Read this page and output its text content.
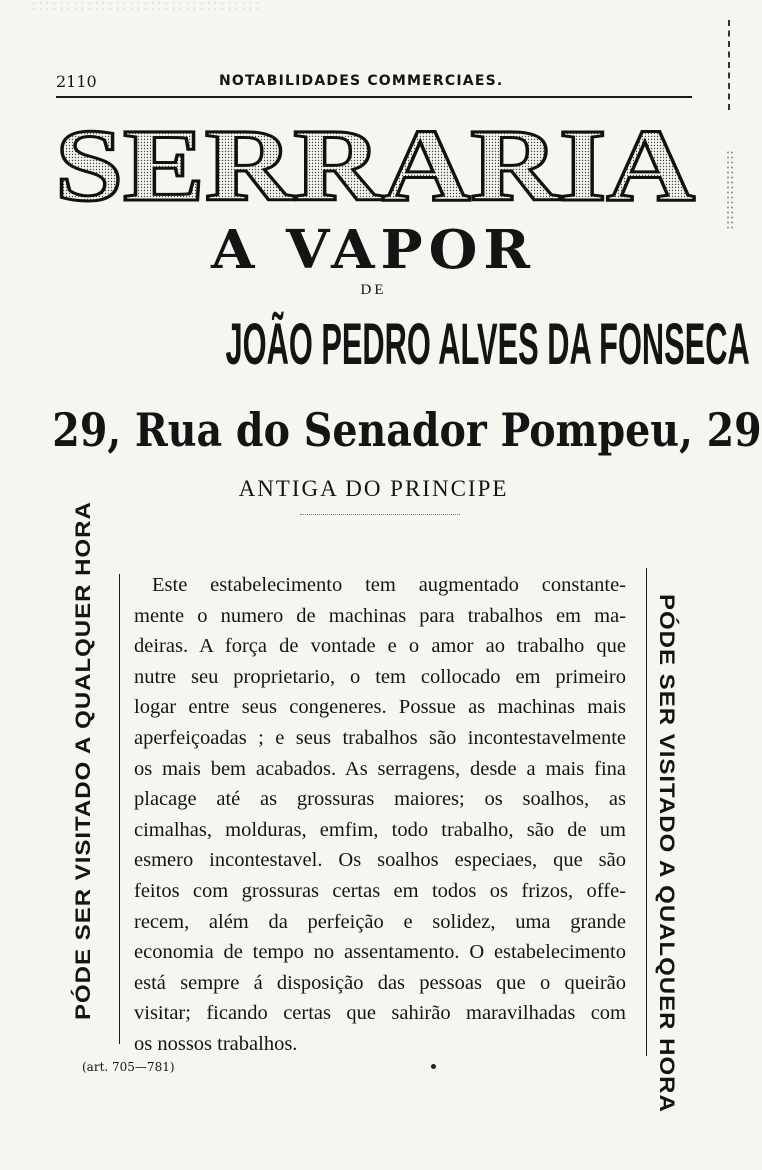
2110	NOTABILIDADES COMMERCIAES.
SERRARIA
A VAPOR
DE
JOÃO PEDRO ALVES DA FONSECA
29, Rua do Senador Pompeu, 29
ANTIGA DO PRINCIPE
PÓDE SER VISITADO A QUALQUER HORA	PÓDE SER VISITADO A QUALQUER HORA
Este estabelecimento tem augmentado constante-
mente o numero de machinas para trabalhos em ma-
deiras. A força de vontade e o amor ao trabalho que
nutre seu proprietario, o tem collocado em primeiro
logar entre seus congeneres. Possue as machinas mais
aperfeiçoadas ; e seus trabalhos são incontestavelmente
os mais bem acabados. As serragens, desde a mais fina
placage até as grossuras maiores; os soalhos, as
cimalhas, molduras, emfim, todo trabalho, são de um
esmero incontestavel. Os soalhos especiaes, que são
feitos com grossuras certas em todos os frizos, offe-
recem, além da perfeição e solidez, uma grande
economia de tempo no assentamento. O estabelecimento
está sempre á disposição das pessoas que o queirão
visitar; ficando certas que sahirão maravilhadas com
os nossos trabalhos.
(art. 705—781)
